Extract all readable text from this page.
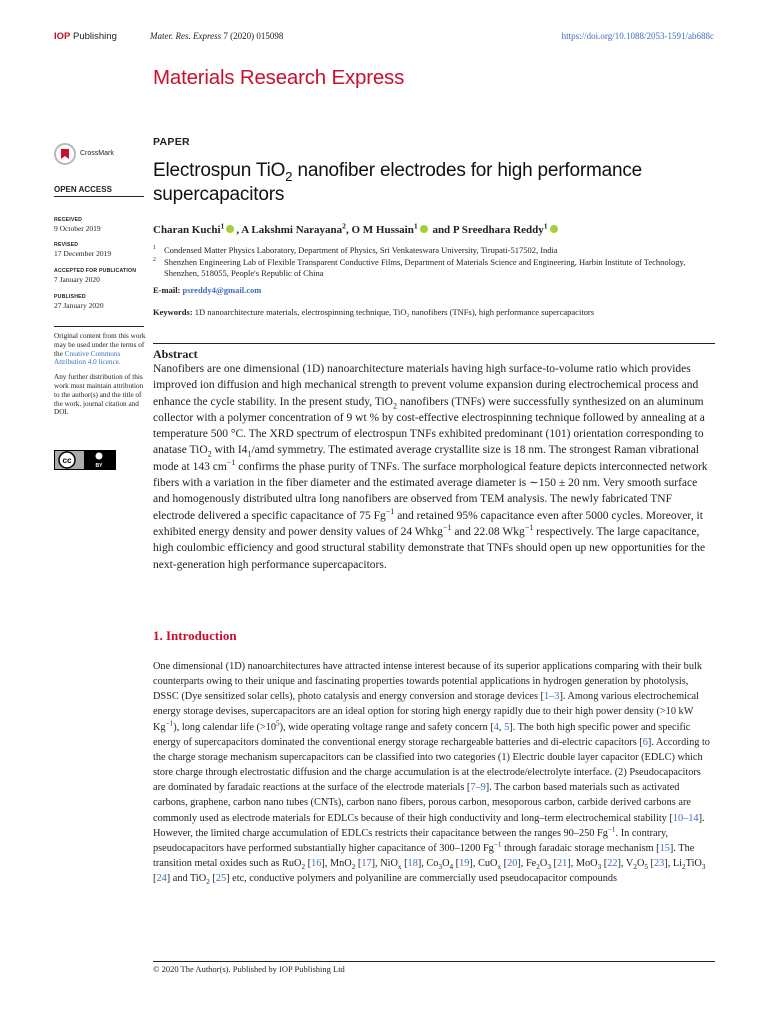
IOP Publishing	Mater. Res. Express 7 (2020) 015098	https://doi.org/10.1088/2053-1591/ab688c
Materials Research Express
CrossMark
OPEN ACCESS
RECEIVED
9 October 2019
REVISED
17 December 2019
ACCEPTED FOR PUBLICATION
7 January 2020
PUBLISHED
27 January 2020
Original content from this work may be used under the terms of the Creative Commons Attribution 4.0 licence.
Any further distribution of this work must maintain attribution to the author(s) and the title of the work, journal citation and DOI.
cc
BY
PAPER
Electrospun TiO$_2$ nanofiber electrodes for high performance supercapacitors
Charan Kuchi$^1$ , A Lakshmi Narayana$^2$, O M Hussain$^1$ and P Sreedhara Reddy$^1$
1 Condensed Matter Physics Laboratory, Department of Physics, Sri Venkateswara University, Tirupati-517502, India
2 Shenzhen Engineering Lab of Flexible Transparent Conductive Films, Department of Materials Science and Engineering, Harbin Institute of Technology, Shenzhen, 518055, People's Republic of China
E-mail: psreddy4@gmail.com
Keywords: 1D nanoarchitecture materials, electrospinning technique, TiO₂ nanofibers (TNFs), high performance supercapacitors
Abstract
Nanofibers are one dimensional (1D) nanoarchitecture materials having high surface-to-volume ratio which provides improved ion diffusion and high mechanical strength to prevent volume expansion during electrochemical process and enhance the cycle stability. In the present study, TiO$_2$ nanofibers (TNFs) were successfully synthesized on an aluminum collector with a polymer concentration of 9 wt % by cost-effective electrospinning technique followed by annealing at a temperature 500 °C. The XRD spectrum of electrospun TNFs exhibited predominant (101) orientation corresponding to anatase TiO$_2$ with $I4_1$/amd symmetry. The estimated average crystallite size is 18 nm. The strongest Raman vibrational mode at 143 $cm^{-1}$ confirms the phase purity of TNFs. The surface morphological feature depicts interconnected network fibers with a variation in the fiber diameter and the estimated average diameter is ∼150 ± 20 nm. Very smooth surface and homogenously distributed ultra long nanofibers are observed from TEM analysis. The newly fabricated TNF electrode delivered a specific capacitance of 75 $Fg^{-1}$ and retained 95% capacitance even after 5000 cycles. Moreover, it exhibited energy density and power density values of 24 Whkg$^{-1}$ and 22.08 Wkg$^{-1}$ respectively. The large capacitance, high coulombic efficiency and good structural stability demonstrate that TNFs should open up new opportunities for the next-generation high performance supercapacitors.
1. Introduction
One dimensional (1D) nanoarchitectures have attracted intense interest because of its superior applications comparing with their bulk counterparts owing to their unique and fascinating properties towards potential applications in hydrogen generation by photolysis, DSSC (Dye sensitized solar cells), photo catalysis and energy conversion and storage devices [1–3]. Among various electrochemical energy storage devises, supercapacitors are an ideal option for storing high energy rapidly due to their high power density (>10 kW $Kg^{-1}$), long calendar life $(>10^5)$, wide operating voltage range and safety concern [4, 5]. The both high specific power and specific energy of supercapacitors dominated the conventional energy storage rechargeable batteries and di-electric capacitors [6]. According to the charge storage mechanism supercapacitors can be classified into two categories (1) Electric double layer capacitor (EDLC) which store charge through electrostatic diffusion and the charge accumulation is at the electrode/electrolyte interface. (2) Pseudocapacitors are dominated by faradaic reactions at the surface of the electrode materials [7–9]. The carbon based materials such as activated carbons, graphene, carbon nano tubes (CNTs), carbon nano fibers, porous carbon, mesoporous carbon, carbide derived carbons are commonly used as electrode materials for EDLCs because of their high conductivity and long–term electrochemical stability [10–14]. However, the limited charge accumulation of EDLCs restricts their capacitance between the ranges 90–250 $Fg^{-1}$. In contrary, pseudocapacitors have performed substantially higher capacitance of 300–1200 $Fg^{-1}$ through faradaic storage mechanism [15]. The transition metal oxides such as RuO$_2$ [16], MnO$_2$ [17], NiO$_x$ [18], $Co_3O_4$ [19], CuO$_x$ [20], $Fe_2O_3$ [21], MoO$_3$ [22], $V_2O_5$ [23], $Li_2TiO_3$ [24] and TiO$_2$ [25] etc, conductive polymers and polyaniline are commercially used pseudocapacitor compounds
© 2020 The Author(s). Published by IOP Publishing Ltd
